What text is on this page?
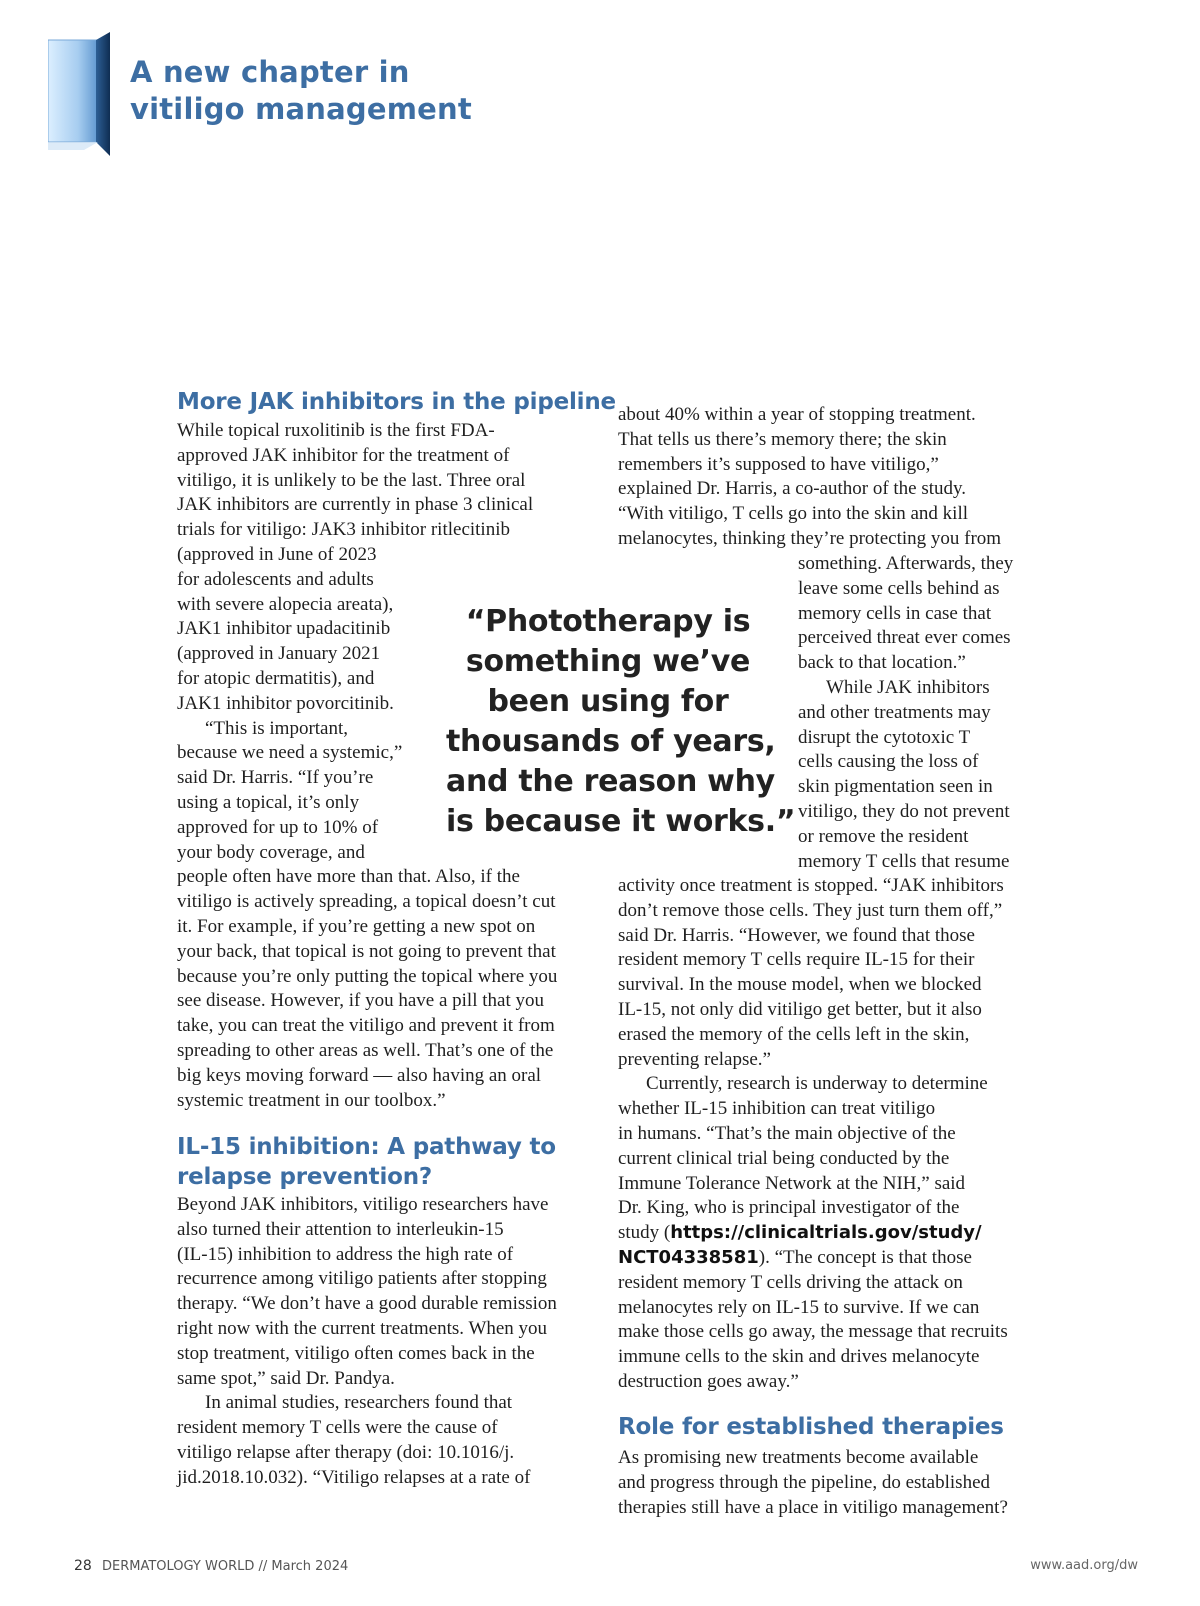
A new chapter in
vitiligo management
More JAK inhibitors in the pipeline

While topical ruxolitinib is the first FDA-
approved JAK inhibitor for the treatment of
vitiligo, it is unlikely to be the last. Three oral
JAK inhibitors are currently in phase 3 clinical
trials for vitiligo: JAK3 inhibitor ritlecitinib
(approved in June of 2023
for adolescents and adults
with severe alopecia areata),
JAK1 inhibitor upadacitinib
(approved in January 2021
for atopic dermatitis), and
JAK1 inhibitor povorcitinib.
“This is important,
because we need a systemic,”
said Dr. Harris. “If you’re
using a topical, it’s only
approved for up to 10% of
your body coverage, and
people often have more than that. Also, if the
vitiligo is actively spreading, a topical doesn’t cut
it. For example, if you’re getting a new spot on
your back, that topical is not going to prevent that
because you’re only putting the topical where you
see disease. However, if you have a pill that you
take, you can treat the vitiligo and prevent it from
spreading to other areas as well. That’s one of the
big keys moving forward — also having an oral
systemic treatment in our toolbox.”

IL-15 inhibition: A pathway to
relapse prevention?

Beyond JAK inhibitors, vitiligo researchers have
also turned their attention to interleukin-15
(IL-15) inhibition to address the high rate of
recurrence among vitiligo patients after stopping
therapy. “We don’t have a good durable remission
right now with the current treatments. When you
stop treatment, vitiligo often comes back in the
same spot,” said Dr. Pandya.
In animal studies, researchers found that
resident memory T cells were the cause of
vitiligo relapse after therapy (doi: 10.1016/j.
jid.2018.10.032). “Vitiligo relapses at a rate of

“Phototherapy is
something we’ve
been using for
thousands of years,
and the reason why
is because it works.”

about 40% within a year of stopping treatment.
That tells us there’s memory there; the skin
remembers it’s supposed to have vitiligo,”
explained Dr. Harris, a co-author of the study.
“With vitiligo, T cells go into the skin and kill
melanocytes, thinking they’re protecting you from

something. Afterwards, they
leave some cells behind as
memory cells in case that
perceived threat ever comes
back to that location.”
While JAK inhibitors
and other treatments may
disrupt the cytotoxic T
cells causing the loss of
skin pigmentation seen in
vitiligo, they do not prevent
or remove the resident
memory T cells that resume

activity once treatment is stopped. “JAK inhibitors
don’t remove those cells. They just turn them off,”
said Dr. Harris. “However, we found that those
resident memory T cells require IL-15 for their
survival. In the mouse model, when we blocked
IL-15, not only did vitiligo get better, but it also
erased the memory of the cells left in the skin,
preventing relapse.”
Currently, research is underway to determine
whether IL-15 inhibition can treat vitiligo
in humans. “That’s the main objective of the
current clinical trial being conducted by the
Immune Tolerance Network at the NIH,” said
Dr. King, who is principal investigator of the
study (https://clinicaltrials.gov/study/
NCT04338581). “The concept is that those
resident memory T cells driving the attack on
melanocytes rely on IL-15 to survive. If we can
make those cells go away, the message that recruits
immune cells to the skin and drives melanocyte
destruction goes away.”

Role for established therapies

As promising new treatments become available
and progress through the pipeline, do established
therapies still have a place in vitiligo management?

28 DERMATOLOGY WORLD // March 2024	www.aad.org/dw
